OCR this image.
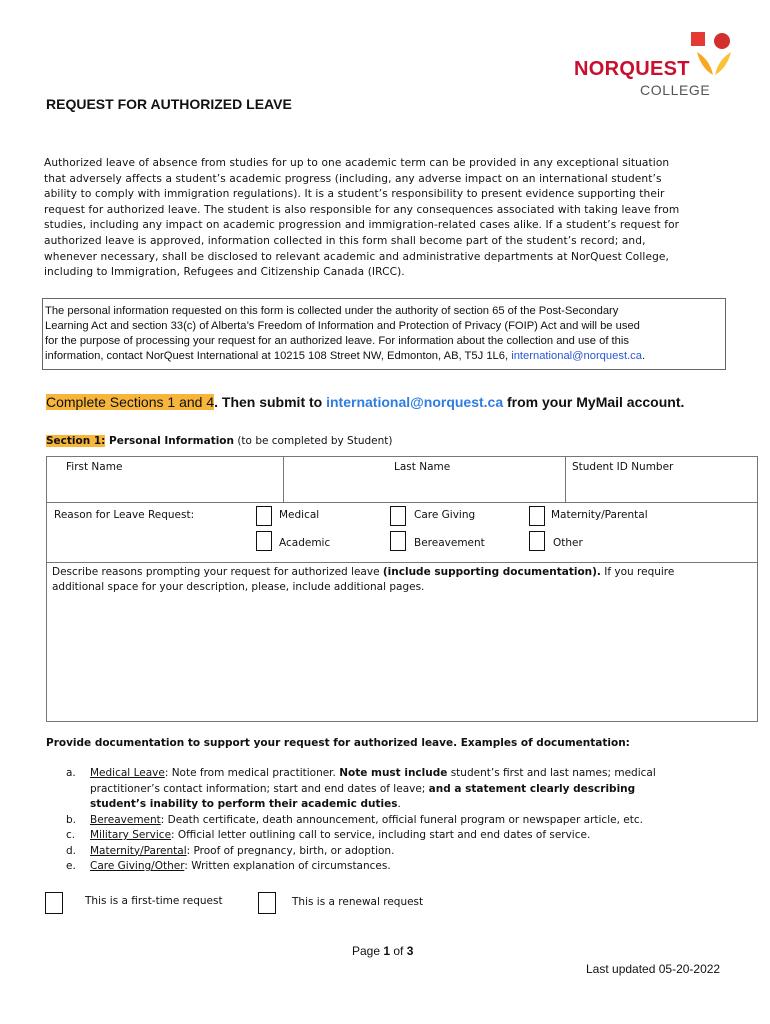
NORQUEST
COLLEGE
REQUEST FOR AUTHORIZED LEAVE
Authorized leave of absence from studies for up to one academic term can be provided in any exceptional situation
that adversely affects a student’s academic progress (including, any adverse impact on an international student’s
ability to comply with immigration regulations). It is a student’s responsibility to present evidence supporting their
request for authorized leave. The student is also responsible for any consequences associated with taking leave from
studies, including any impact on academic progression and immigration-related cases alike. If a student’s request for
authorized leave is approved, information collected in this form shall become part of the student’s record; and,
whenever necessary, shall be disclosed to relevant academic and administrative departments at NorQuest College,
including to Immigration, Refugees and Citizenship Canada (IRCC).
The personal information requested on this form is collected under the authority of section 65 of the Post-Secondary
Learning Act and section 33(c) of Alberta’s Freedom of Information and Protection of Privacy (FOIP) Act and will be used
for the purpose of processing your request for an authorized leave. For information about the collection and use of this
information, contact NorQuest International at 10215 108 Street NW, Edmonton, AB, T5J 1L6, international@norquest.ca.
Complete Sections 1 and 4. Then submit to international@norquest.ca from your MyMail account.
Section 1: Personal Information (to be completed by Student)
First Name	Last Name	Student ID Number
Reason for Leave Request:	Medical	Care Giving	Maternity/Parental
Academic	Bereavement	Other
Describe reasons prompting your request for authorized leave (include supporting documentation). If you require
additional space for your description, please, include additional pages.
Provide documentation to support your request for authorized leave. Examples of documentation:
a. Medical Leave: Note from medical practitioner. Note must include student’s first and last names; medical
practitioner’s contact information; start and end dates of leave; and a statement clearly describing
student’s inability to perform their academic duties.
b. Bereavement: Death certificate, death announcement, official funeral program or newspaper article, etc.
c. Military Service: Official letter outlining call to service, including start and end dates of service.
d. Maternity/Parental: Proof of pregnancy, birth, or adoption.
e. Care Giving/Other: Written explanation of circumstances.
This is a first-time request	This is a renewal request
Page 1 of 3
Last updated 05-20-2022
